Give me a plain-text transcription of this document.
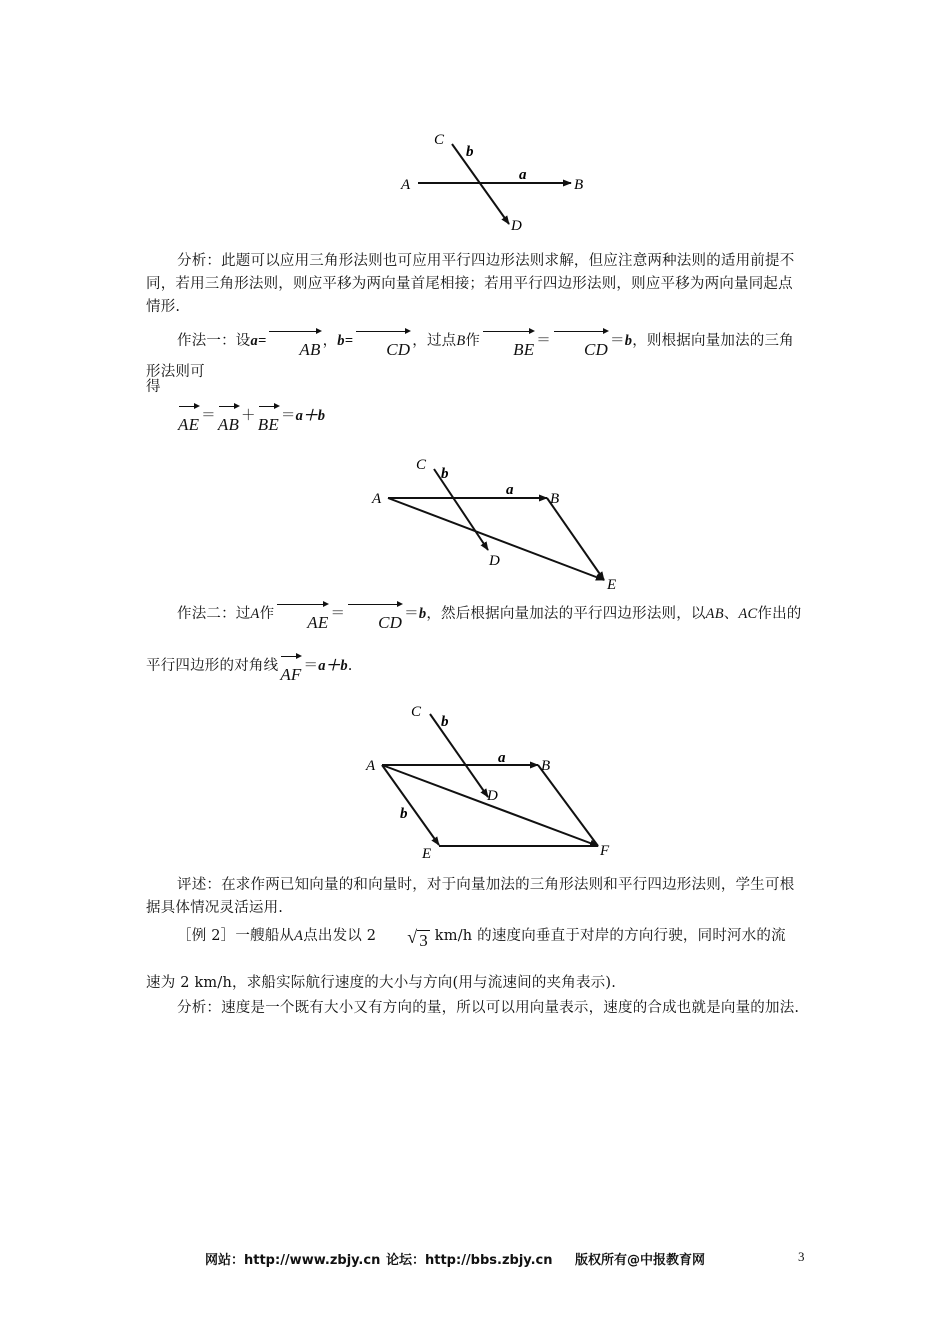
A	B
C
D
a
b
A	B
C
D
E
a
b
A	B
C
D
E	F
a
b
b
分析：此题可以应用三角形法则也可应用平行四边形法则求解，但应注意两种法则的适用前提不同，若用三角形法则，则应平移为两向量首尾相接；若用平行四边形法则，则应平移为两向量同起点情形.
作法一：设a= AB ，b= CD ，过点B作 BE ＝ CD ＝b，则根据向量加法的三角形法则可
得
AE ＝ AB ＋ BE ＝a＋b
作法二：过A作 AE ＝ CD ＝b，然后根据向量加法的平行四边形法则，以AB、AC作出的
平行四边形的对角线 AF ＝a＋b.
评述：在求作两已知向量的和向量时，对于向量加法的三角形法则和平行四边形法则，学生可根据具体情况灵活运用.
［例 2］一艘船从A点出发以 2√	3 km/h 的速度向垂直于对岸的方向行驶，同时河水的流
速为 2 km/h，求船实际航行速度的大小与方向(用与流速间的夹角表示).
分析：速度是一个既有大小又有方向的量，所以可以用向量表示，速度的合成也就是向量的加法.
网站：http://www.zbjy.cn 论坛：http://bbs.zbjy.cn 版权所有@中报教育网	3
